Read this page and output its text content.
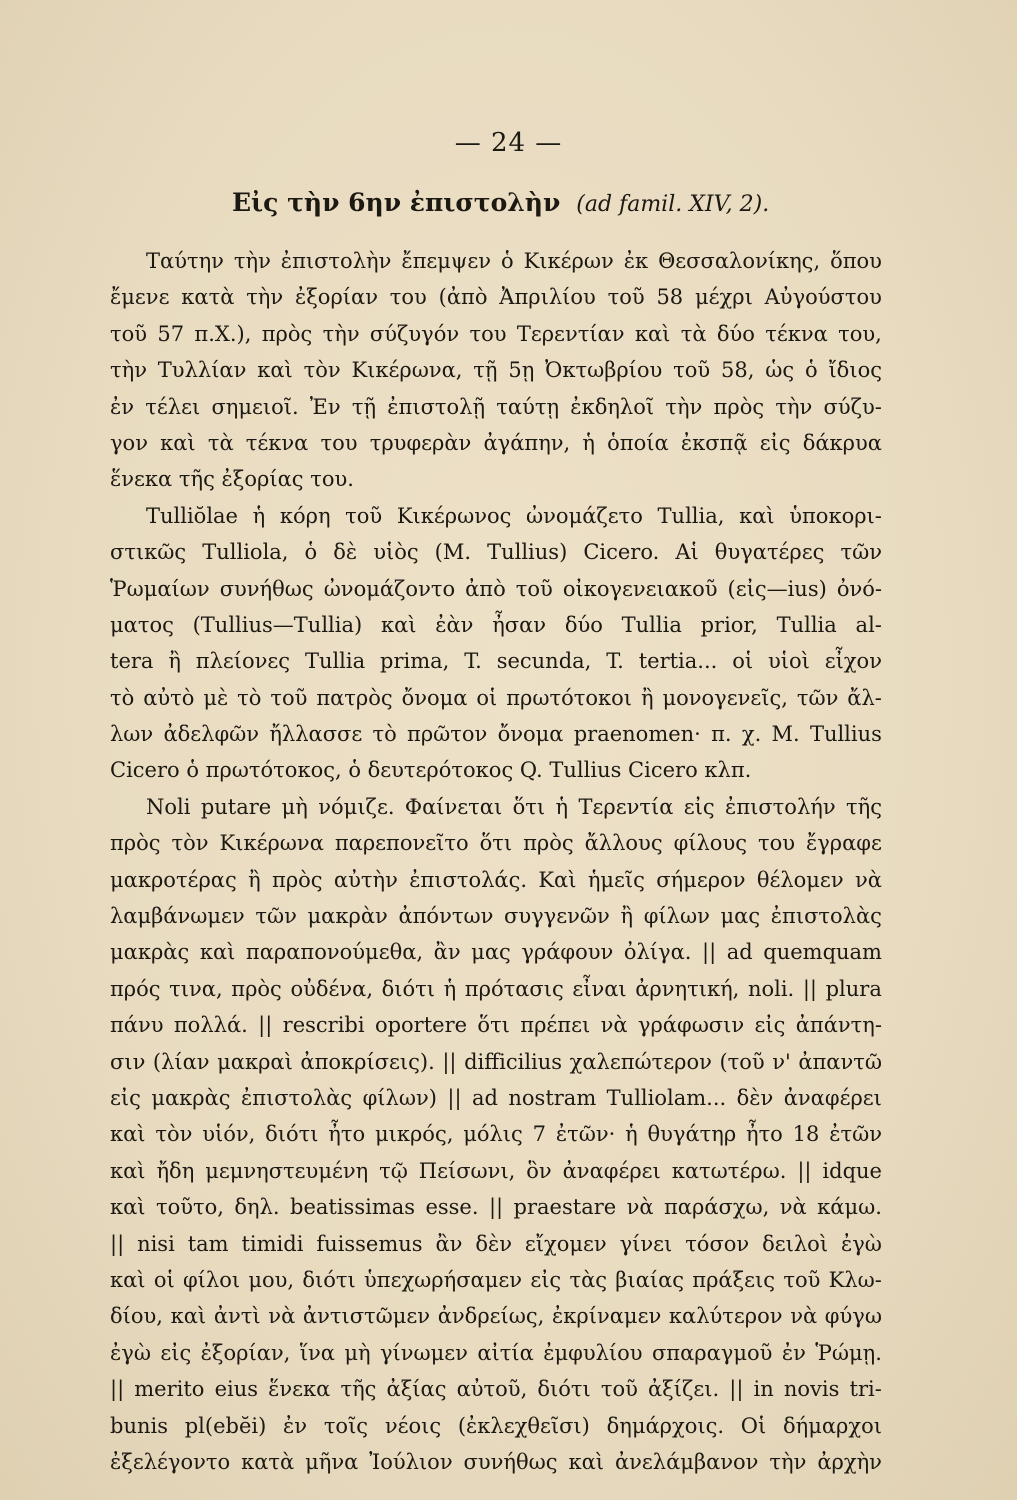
— 24 —
Εἰς τὴν 6ην ἐπιστολὴν (ad famil. XIV, 2).
Ταύτην τὴν ἐπιστολὴν ἔπεμψεν ὁ Κικέρων ἐκ Θεσσαλονίκης, ὅπου
ἔμενε κατὰ τὴν ἐξορίαν του (ἀπὸ Ἀπριλίου τοῦ 58 μέχρι Αὐγούστου
τοῦ 57 π.Χ.), πρὸς τὴν σύζυγόν του Τερεντίαν καὶ τὰ δύο τέκνα του,
τὴν Τυλλίαν καὶ τὸν Κικέρωνα, τῇ 5ῃ Ὀκτωβρίου τοῦ 58, ὡς ὁ ἴδιος
ἐν τέλει σημειοῖ. Ἐν τῇ ἐπιστολῇ ταύτῃ ἐκδηλοῖ τὴν πρὸς τὴν σύζυ-
γον καὶ τὰ τέκνα του τρυφερὰν ἀγάπην, ἡ ὁποία ἐκσπᾷ εἰς δάκρυα
ἕνεκα τῆς ἐξορίας του.
Tulliŏlae ἡ κόρη τοῦ Κικέρωνος ὠνομάζετο Tullia, καὶ ὑποκορι-
στικῶς Tulliola, ὁ δὲ υἱὸς (M. Tullius) Cicero. Αἱ θυγατέρες τῶν
Ῥωμαίων συνήθως ὠνομάζοντο ἀπὸ τοῦ οἰκογενειακοῦ (εἰς—ius) ὀνό-
ματος (Tullius—Tullia) καὶ ἐὰν ἦσαν δύο Tullia prior, Tullia al-
tera ἢ πλείονες Tullia prima, T. secunda, T. tertia... οἱ υἱοὶ εἶχον
τὸ αὐτὸ μὲ τὸ τοῦ πατρὸς ὄνομα οἱ πρωτότοκοι ἢ μονογενεῖς, τῶν ἄλ-
λων ἀδελφῶν ἤλλασσε τὸ πρῶτον ὄνομα praenomen· π. χ. M. Tullius
Cicero ὁ πρωτότοκος, ὁ δευτερότοκος Q. Tullius Cicero κλπ.
Noli putare μὴ νόμιζε. Φαίνεται ὅτι ἡ Τερεντία εἰς ἐπιστολήν τῆς
πρὸς τὸν Κικέρωνα παρεπονεῖτο ὅτι πρὸς ἄλλους φίλους του ἔγραφε
μακροτέρας ἢ πρὸς αὐτὴν ἐπιστολάς. Καὶ ἡμεῖς σήμερον θέλομεν νὰ
λαμβάνωμεν τῶν μακρὰν ἀπόντων συγγενῶν ἢ φίλων μας ἐπιστολὰς
μακρὰς καὶ παραπονούμεθα, ἂν μας γράφουν ὀλίγα. || ad quemquam
πρός τινα, πρὸς οὐδένα, διότι ἡ πρότασις εἶναι ἀρνητική, noli. || plura
πάνυ πολλά. || rescribi oportere ὅτι πρέπει νὰ γράφωσιν εἰς ἀπάντη-
σιν (λίαν μακραὶ ἀποκρίσεις). || difficilius χαλεπώτερον (τοῦ ν' ἀπαντῶ
εἰς μακρὰς ἐπιστολὰς φίλων) || ad nostram Tulliolam... δὲν ἀναφέρει
καὶ τὸν υἱόν, διότι ἦτο μικρός, μόλις 7 ἐτῶν· ἡ θυγάτηρ ἦτο 18 ἐτῶν
καὶ ἤδη μεμνηστευμένη τῷ Πείσωνι, ὃν ἀναφέρει κατωτέρω. || idque
καὶ τοῦτο, δηλ. beatissimas esse. || praestare νὰ παράσχω, νὰ κάμω.
|| nisi tam timidi fuissemus ἂν δὲν εἴχομεν γίνει τόσον δειλοὶ ἐγὼ
καὶ οἱ φίλοι μου, διότι ὑπεχωρήσαμεν εἰς τὰς βιαίας πράξεις τοῦ Κλω-
δίου, καὶ ἀντὶ νὰ ἀντιστῶμεν ἀνδρείως, ἐκρίναμεν καλύτερον νὰ φύγω
ἐγὼ εἰς ἐξορίαν, ἵνα μὴ γίνωμεν αἰτία ἐμφυλίου σπαραγμοῦ ἐν Ῥώμῃ.
|| merito eius ἕνεκα τῆς ἀξίας αὐτοῦ, διότι τοῦ ἀξίζει. || in novis tri-
bunis pl(ebĕi) ἐν τοῖς νέοις (ἐκλεχθεῖσι) δημάρχοις. Οἱ δήμαρχοι
ἐξελέγοντο κατὰ μῆνα Ἰούλιον συνήθως καὶ ἀνελάμβανον τὴν ἀρχὴν
